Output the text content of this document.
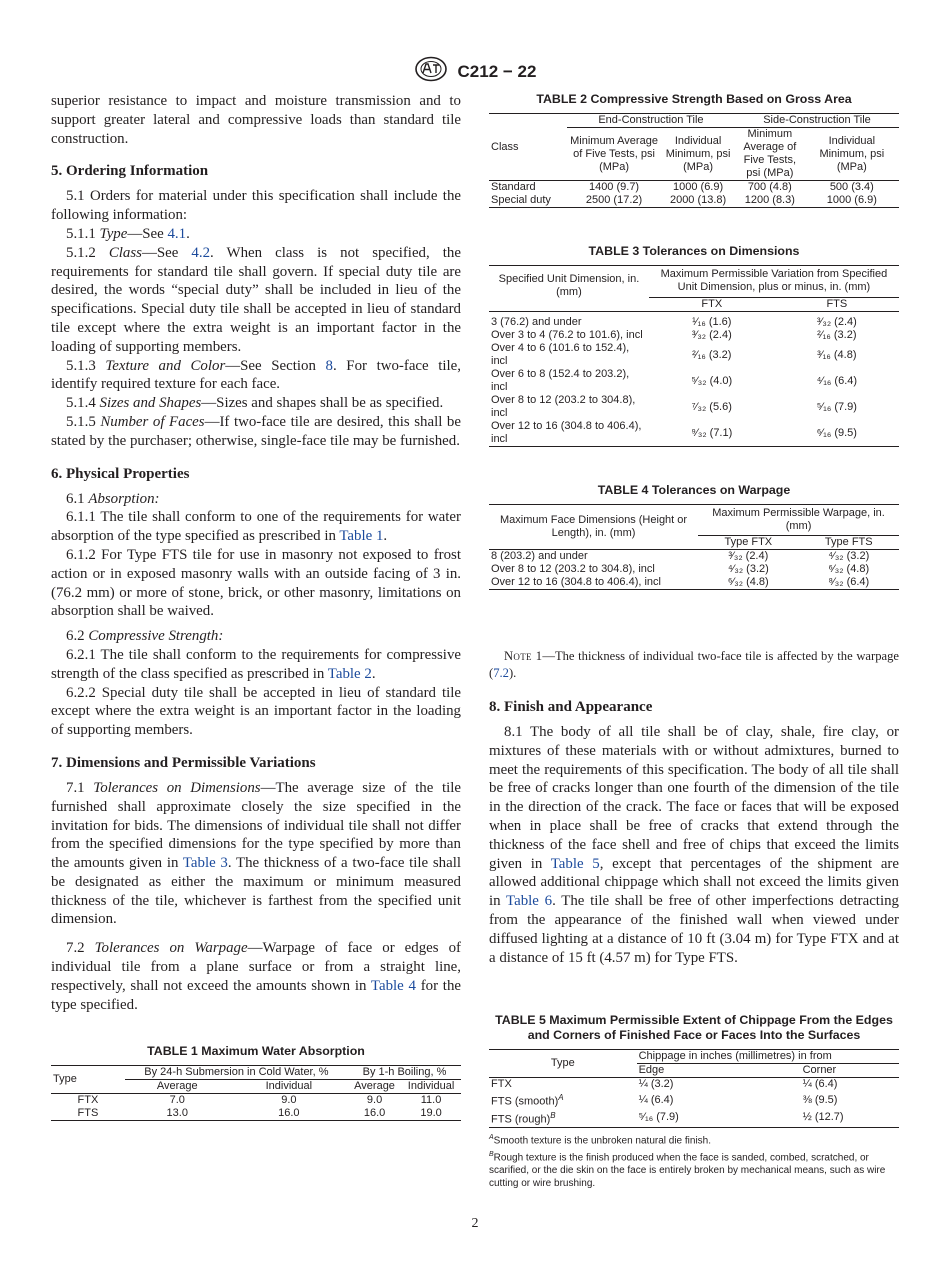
C212 − 22

superior resistance to impact and moisture transmission and to support greater lateral and compressive loads than standard tile construction.

5. Ordering Information

5.1 Orders for material under this specification shall include the following information:

5.1.1 Type—See 4.1.

5.1.2 Class—See 4.2. When class is not specified, the requirements for standard tile shall govern. If special duty tile are desired, the words “special duty” shall be included in lieu of the specifications. Special duty tile shall be accepted in lieu of standard tile except where the extra weight is an important factor in the loading of supporting members.

5.1.3 Texture and Color—See Section 8. For two-face tile, identify required texture for each face.

5.1.4 Sizes and Shapes—Sizes and shapes shall be as specified.

5.1.5 Number of Faces—If two-face tile are desired, this shall be stated by the purchaser; otherwise, single-face tile may be furnished.

6. Physical Properties

6.1 Absorption:

6.1.1 The tile shall conform to one of the requirements for water absorption of the type specified as prescribed in Table 1.

6.1.2 For Type FTS tile for use in masonry not exposed to frost action or in exposed masonry walls with an outside facing of 3 in. (76.2 mm) or more of stone, brick, or other masonry, limitations on absorption shall be waived.

6.2 Compressive Strength:

6.2.1 The tile shall conform to the requirements for compressive strength of the class specified as prescribed in Table 2.

6.2.2 Special duty tile shall be accepted in lieu of standard tile except where the extra weight is an important factor in the loading of supporting members.

7. Dimensions and Permissible Variations

7.1 Tolerances on Dimensions—The average size of the tile furnished shall approximate closely the size specified in the invitation for bids. The dimensions of individual tile shall not differ from the specified dimensions for the type specified by more than the amounts given in Table 3. The thickness of a two-face tile shall be designated as either the maximum or minimum measured thickness of the tile, whichever is farthest from the specified unit dimension.

7.2 Tolerances on Warpage—Warpage of face or edges of individual tile from a plane surface or from a straight line, respectively, shall not exceed the amounts shown in Table 4 for the type specified.

TABLE 1 Maximum Water Absorption
Type	By 24-h Submersion in Cold Water, %		By 1-h Boiling, %	
	Average	Individual	Average	Individual
FTX	7.0	9.0	9.0	11.0
FTS	13.0	16.0	16.0	19.0
TABLE 2 Compressive Strength Based on Gross Area
Class	End-Construction Tile		Side-Construction Tile	
	Minimum Average of Five Tests, psi (MPa)	Individual Minimum, psi (MPa)	Minimum Average of Five Tests, psi (MPa)	Individual Minimum, psi (MPa)
Standard	1400 (9.7)	1000 (6.9)	700 (4.8)	500 (3.4)
Special duty	2500 (17.2)	2000 (13.8)	1200 (8.3)	1000 (6.9)
TABLE 3 Tolerances on Dimensions
Specified Unit Dimension, in. (mm)	Maximum Permissible Variation from Specified Unit Dimension, plus or minus, in. (mm)	
	FTX	FTS

3 (76.2) and under	¹⁄₁₆ (1.6)	³⁄₃₂ (2.4)
Over 3 to 4 (76.2 to 101.6), incl	³⁄₃₂ (2.4)	²⁄₁₆ (3.2)
Over 4 to 6 (101.6 to 152.4), incl	²⁄₁₆ (3.2)	³⁄₁₆ (4.8)
Over 6 to 8 (152.4 to 203.2), incl	⁵⁄₃₂ (4.0)	⁴⁄₁₆ (6.4)
Over 8 to 12 (203.2 to 304.8), incl	⁷⁄₃₂ (5.6)	⁵⁄₁₆ (7.9)
Over 12 to 16 (304.8 to 406.4), incl	⁹⁄₃₂ (7.1)	⁶⁄₁₆ (9.5)
TABLE 4 Tolerances on Warpage
Maximum Face Dimensions (Height or Length), in. (mm)	Maximum Permissible Warpage, in. (mm)	
	Type FTX	Type FTS
8 (203.2) and under	³⁄₃₂ (2.4)	⁴⁄₃₂ (3.2)
Over 8 to 12 (203.2 to 304.8), incl	⁴⁄₃₂ (3.2)	⁶⁄₃₂ (4.8)
Over 12 to 16 (304.8 to 406.4), incl	⁶⁄₃₂ (4.8)	⁸⁄₃₂ (6.4)

Note 1—The thickness of individual two-face tile is affected by the warpage (7.2).

8. Finish and Appearance

8.1 The body of all tile shall be of clay, shale, fire clay, or mixtures of these materials with or without admixtures, burned to meet the requirements of this specification. The body of all tile shall be free of cracks longer than one fourth of the dimension of the tile in the direction of the crack. The face or faces that will be exposed when in place shall be free of cracks that extend through the thickness of the face shell and free of chips that exceed the limits given in Table 5, except that percentages of the shipment are allowed additional chippage which shall not exceed the limits given in Table 6. The tile shall be free of other imperfections detracting from the appearance of the finished wall when viewed under diffused lighting at a distance of 10 ft (3.04 m) for Type FTX and at a distance of 15 ft (4.57 m) for Type FTS.

TABLE 5 Maximum Permissible Extent of Chippage From the Edges and Corners of Finished Face or Faces Into the Surfaces
Type	Chippage in inches (millimetres) in from	
	Edge	Corner
FTX	¼ (3.2)	¼ (6.4)
FTS (smooth)$^A$	¼ (6.4)	⅜ (9.5)
FTS (rough)$^B$	⁵⁄₁₆ (7.9)	½ (12.7)

$^A$Smooth texture is the unbroken natural die finish.

$^B$Rough texture is the finish produced when the face is sanded, combed, scratched, or scarified, or the die skin on the face is entirely broken by mechanical means, such as wire cutting or wire brushing.

2
